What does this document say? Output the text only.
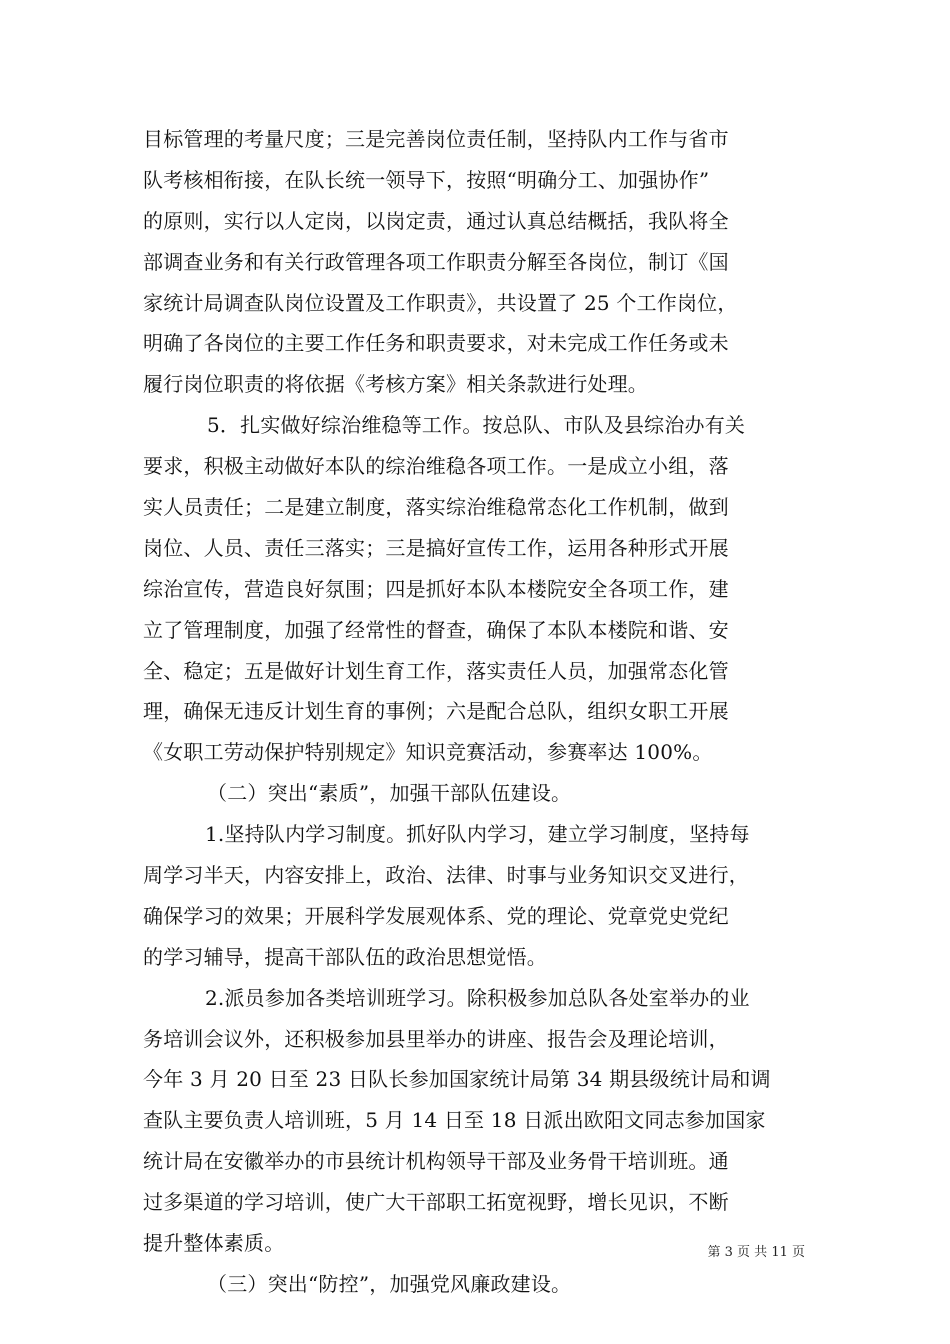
目标管理的考量尺度；三是完善岗位责任制，坚持队内工作与省市
队考核相衔接，在队长统一领导下，按照“明确分工、加强协作”
的原则，实行以人定岗，以岗定责，通过认真总结概括，我队将全
部调查业务和有关行政管理各项工作职责分解至各岗位，制订《国
家统计局调查队岗位设置及工作职责》，共设置了 25 个工作岗位，
明确了各岗位的主要工作任务和职责要求，对未完成工作任务或未
履行岗位职责的将依据《考核方案》相关条款进行处理。
5．扎实做好综治维稳等工作。按总队、市队及县综治办有关
要求，积极主动做好本队的综治维稳各项工作。一是成立小组，落
实人员责任；二是建立制度，落实综治维稳常态化工作机制，做到
岗位、人员、责任三落实；三是搞好宣传工作，运用各种形式开展
综治宣传，营造良好氛围；四是抓好本队本楼院安全各项工作，建
立了管理制度，加强了经常性的督查，确保了本队本楼院和谐、安
全、稳定；五是做好计划生育工作，落实责任人员，加强常态化管
理，确保无违反计划生育的事例；六是配合总队，组织女职工开展
《女职工劳动保护特别规定》知识竞赛活动，参赛率达 100%。
（二）突出“素质”，加强干部队伍建设。
1.坚持队内学习制度。抓好队内学习，建立学习制度，坚持每
周学习半天，内容安排上，政治、法律、时事与业务知识交叉进行，
确保学习的效果；开展科学发展观体系、党的理论、党章党史党纪
的学习辅导，提高干部队伍的政治思想觉悟。
2.派员参加各类培训班学习。除积极参加总队各处室举办的业
务培训会议外，还积极参加县里举办的讲座、报告会及理论培训，
今年 3 月 20 日至 23 日队长参加国家统计局第 34 期县级统计局和调
查队主要负责人培训班，5 月 14 日至 18 日派出欧阳文同志参加国家
统计局在安徽举办的市县统计机构领导干部及业务骨干培训班。通
过多渠道的学习培训，使广大干部职工拓宽视野，增长见识，不断
提升整体素质。
（三）突出“防控”，加强党风廉政建设。
第 3 页 共 11 页
